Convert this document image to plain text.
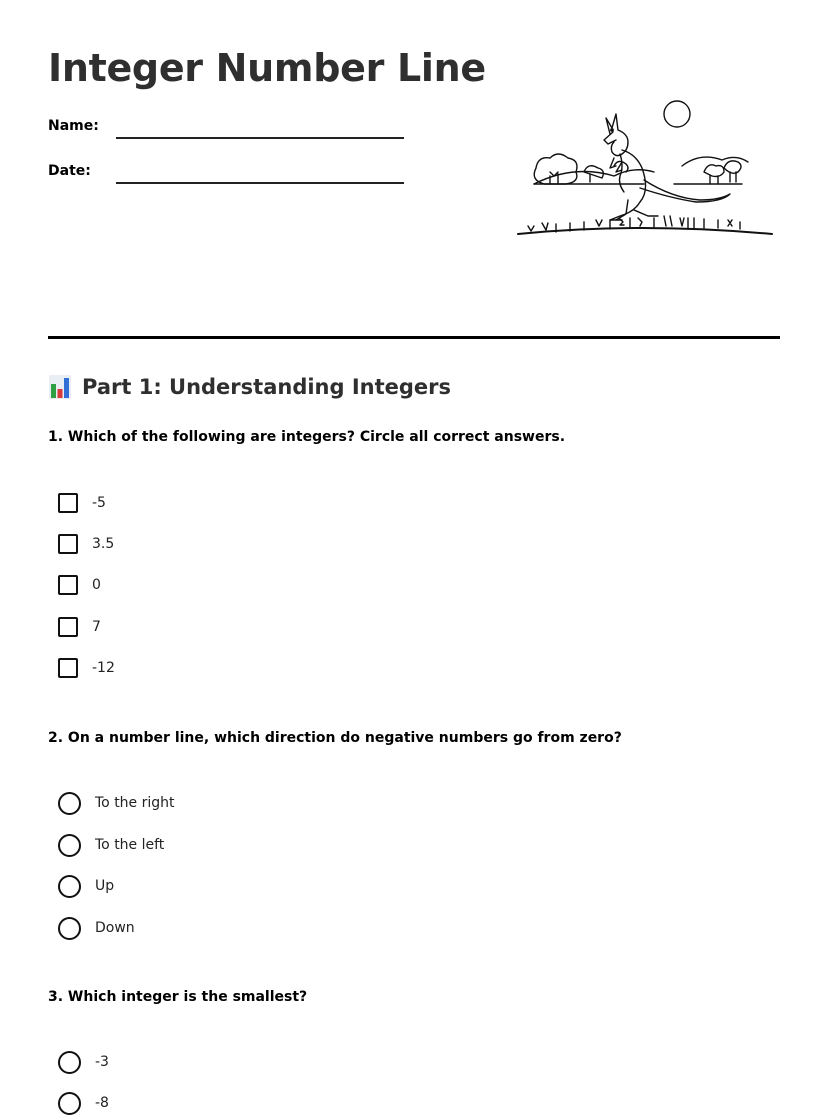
Integer Number Line
Name:
Date:
Part 1: Understanding Integers
1. Which of the following are integers? Circle all correct answers.
-5
3.5
0
7
-12
2. On a number line, which direction do negative numbers go from zero?
To the right
To the left
Up
Down
3. Which integer is the smallest?
-3
-8
